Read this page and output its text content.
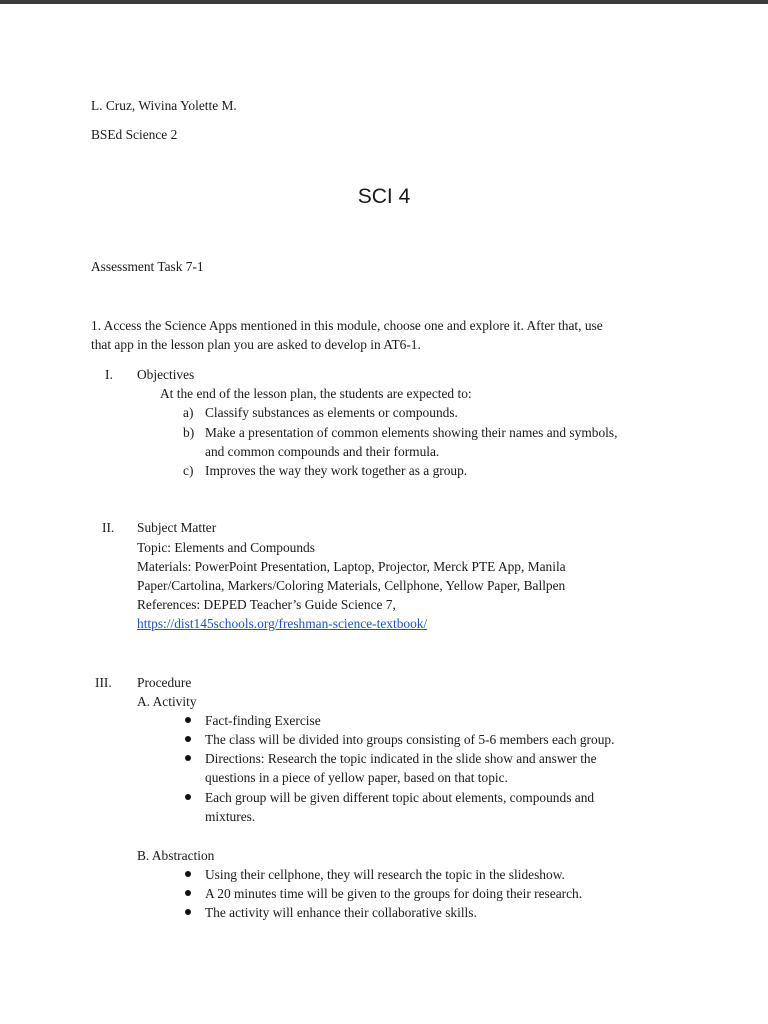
L. Cruz, Wivina Yolette M.
BSEd Science 2
SCI 4
Assessment Task 7-1
1. Access the Science Apps mentioned in this module, choose one and explore it. After that, use
that app in the lesson plan you are asked to develop in AT6-1.
I. Objectives
At the end of the lesson plan, the students are expected to:
a) Classify substances as elements or compounds.
b) Make a presentation of common elements showing their names and symbols,
and common compounds and their formula.
c) Improves the way they work together as a group.
II. Subject Matter
Topic: Elements and Compounds
Materials: PowerPoint Presentation, Laptop, Projector, Merck PTE App, Manila
Paper/Cartolina, Markers/Coloring Materials, Cellphone, Yellow Paper, Ballpen
References: DEPED Teacher’s Guide Science 7,
https://dist145schools.org/freshman-science-textbook/
III. Procedure
A. Activity
Fact-finding Exercise
The class will be divided into groups consisting of 5-6 members each group.
Directions: Research the topic indicated in the slide show and answer the
questions in a piece of yellow paper, based on that topic.
Each group will be given different topic about elements, compounds and
mixtures.
B. Abstraction
Using their cellphone, they will research the topic in the slideshow.
A 20 minutes time will be given to the groups for doing their research.
The activity will enhance their collaborative skills.
